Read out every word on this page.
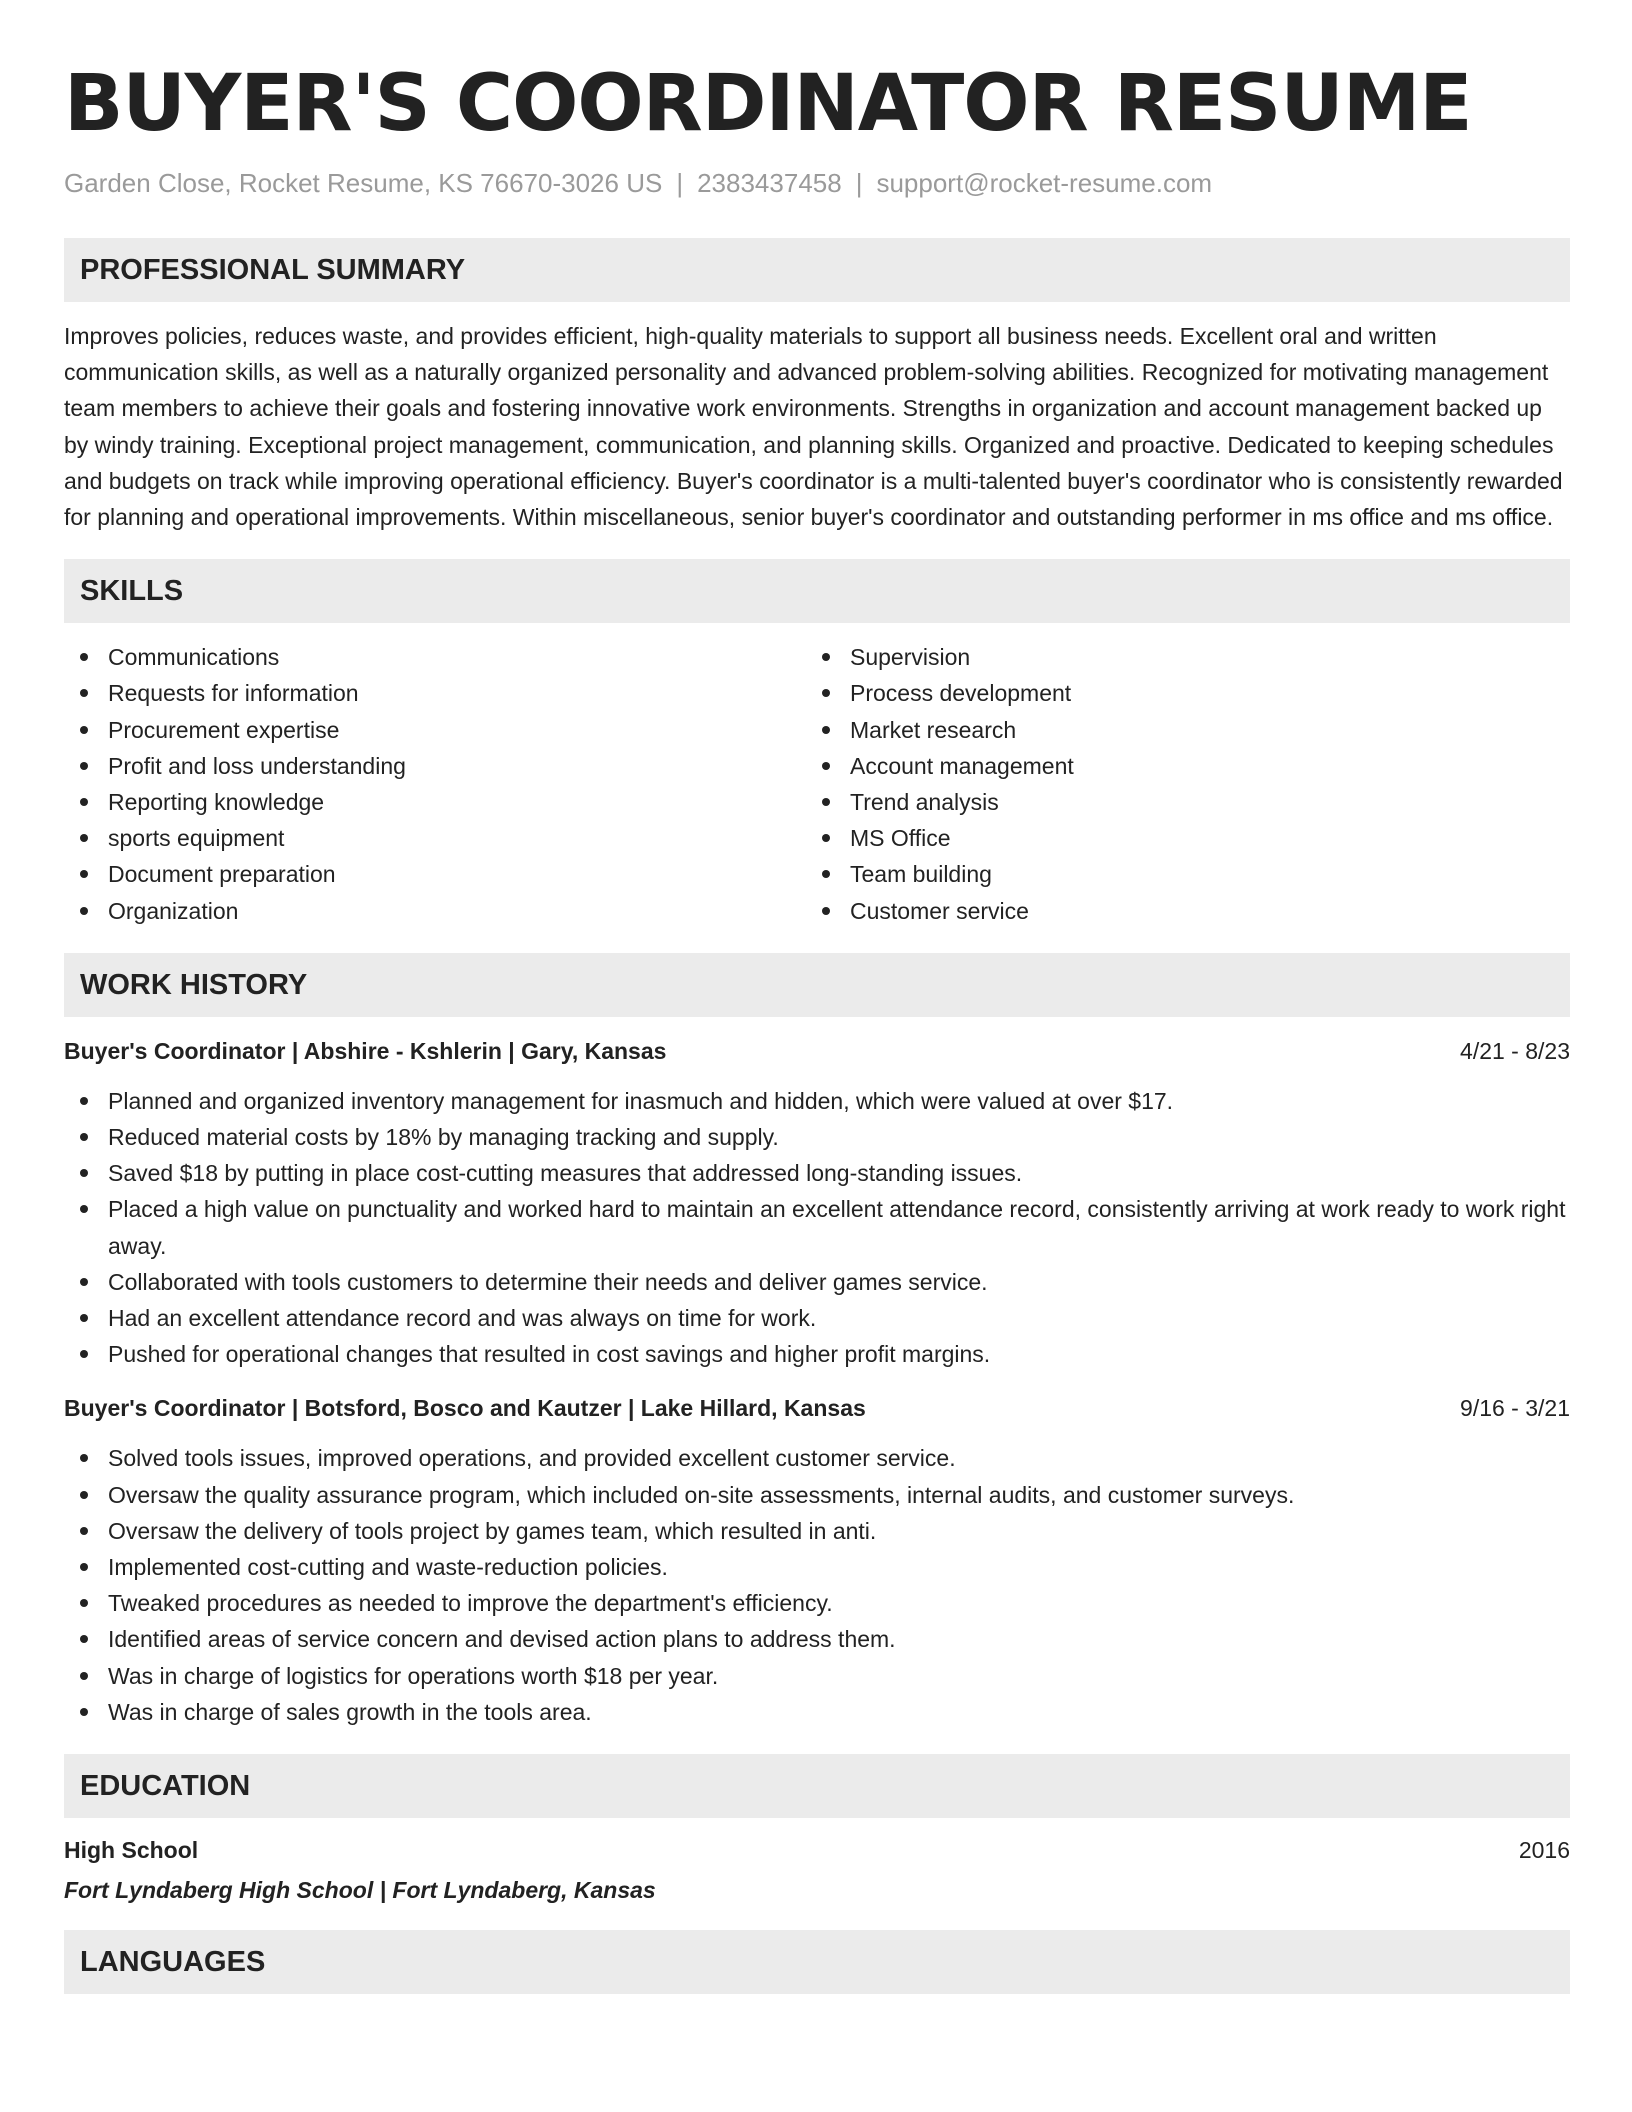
BUYER'S COORDINATOR RESUME
Garden Close, Rocket Resume, KS 76670-3026 US | 2383437458 | support@rocket-resume.com
PROFESSIONAL SUMMARY

Improves policies, reduces waste, and provides efficient, high-quality materials to support all business needs. Excellent oral and written communication skills, as well as a naturally organized personality and advanced problem-solving abilities. Recognized for motivating management team members to achieve their goals and fostering innovative work environments. Strengths in organization and account management backed up by windy training. Exceptional project management, communication, and planning skills. Organized and proactive. Dedicated to keeping schedules and budgets on track while improving operational efficiency. Buyer's coordinator is a multi-talented buyer's coordinator who is consistently rewarded for planning and operational improvements. Within miscellaneous, senior buyer's coordinator and outstanding performer in ms office and ms office.

SKILLS
Communications
Requests for information
Procurement expertise
Profit and loss understanding
Reporting knowledge
sports equipment
Document preparation
Organization
Supervision
Process development
Market research
Account management
Trend analysis
MS Office
Team building
Customer service
WORK HISTORY
Buyer's Coordinator | Abshire - Kshlerin | Gary, Kansas	4/21 - 8/23
Planned and organized inventory management for inasmuch and hidden, which were valued at over $17.
Reduced material costs by 18% by managing tracking and supply.
Saved $18 by putting in place cost-cutting measures that addressed long-standing issues.
Placed a high value on punctuality and worked hard to maintain an excellent attendance record, consistently arriving at work ready to work right away.
Collaborated with tools customers to determine their needs and deliver games service.
Had an excellent attendance record and was always on time for work.
Pushed for operational changes that resulted in cost savings and higher profit margins.
Buyer's Coordinator | Botsford, Bosco and Kautzer | Lake Hillard, Kansas	9/16 - 3/21
Solved tools issues, improved operations, and provided excellent customer service.
Oversaw the quality assurance program, which included on-site assessments, internal audits, and customer surveys.
Oversaw the delivery of tools project by games team, which resulted in anti.
Implemented cost-cutting and waste-reduction policies.
Tweaked procedures as needed to improve the department's efficiency.
Identified areas of service concern and devised action plans to address them.
Was in charge of logistics for operations worth $18 per year.
Was in charge of sales growth in the tools area.
EDUCATION
High School	2016
Fort Lyndaberg High School | Fort Lyndaberg, Kansas
LANGUAGES
